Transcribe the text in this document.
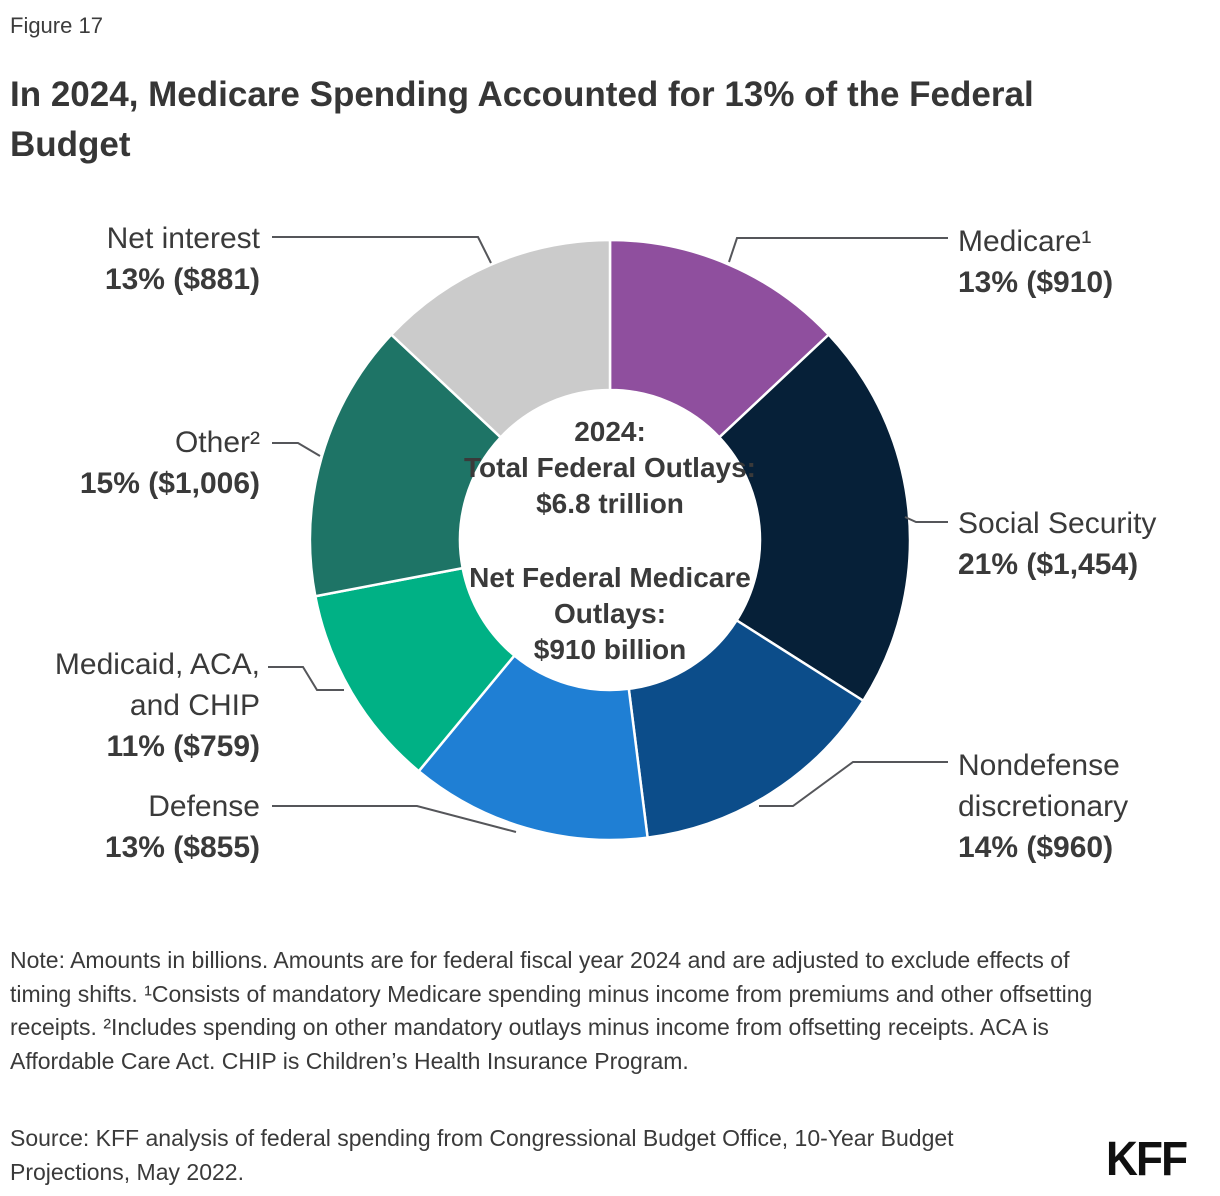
Figure 17
In 2024, Medicare Spending Accounted for 13% of the Federal Budget
Medicare¹
13% ($910)
Social Security
21% ($1,454)
Nondefense
discretionary
14% ($960)
Defense
13% ($855)
Medicaid, ACA,
and CHIP
11% ($759)
Other²
15% ($1,006)
Net interest
13% ($881)
2024:
Total Federal Outlays:
$6.8 trillion
Net Federal Medicare
Outlays:
$910 billion
Note: Amounts in billions. Amounts are for federal fiscal year 2024 and are adjusted to exclude effects of timing shifts. ¹Consists of mandatory Medicare spending minus income from premiums and other offsetting receipts. ²Includes spending on other mandatory outlays minus income from offsetting receipts. ACA is Affordable Care Act. CHIP is Children’s Health Insurance Program.
Source: KFF analysis of federal spending from Congressional Budget Office, 10-Year Budget Projections, May 2022.	KFF
